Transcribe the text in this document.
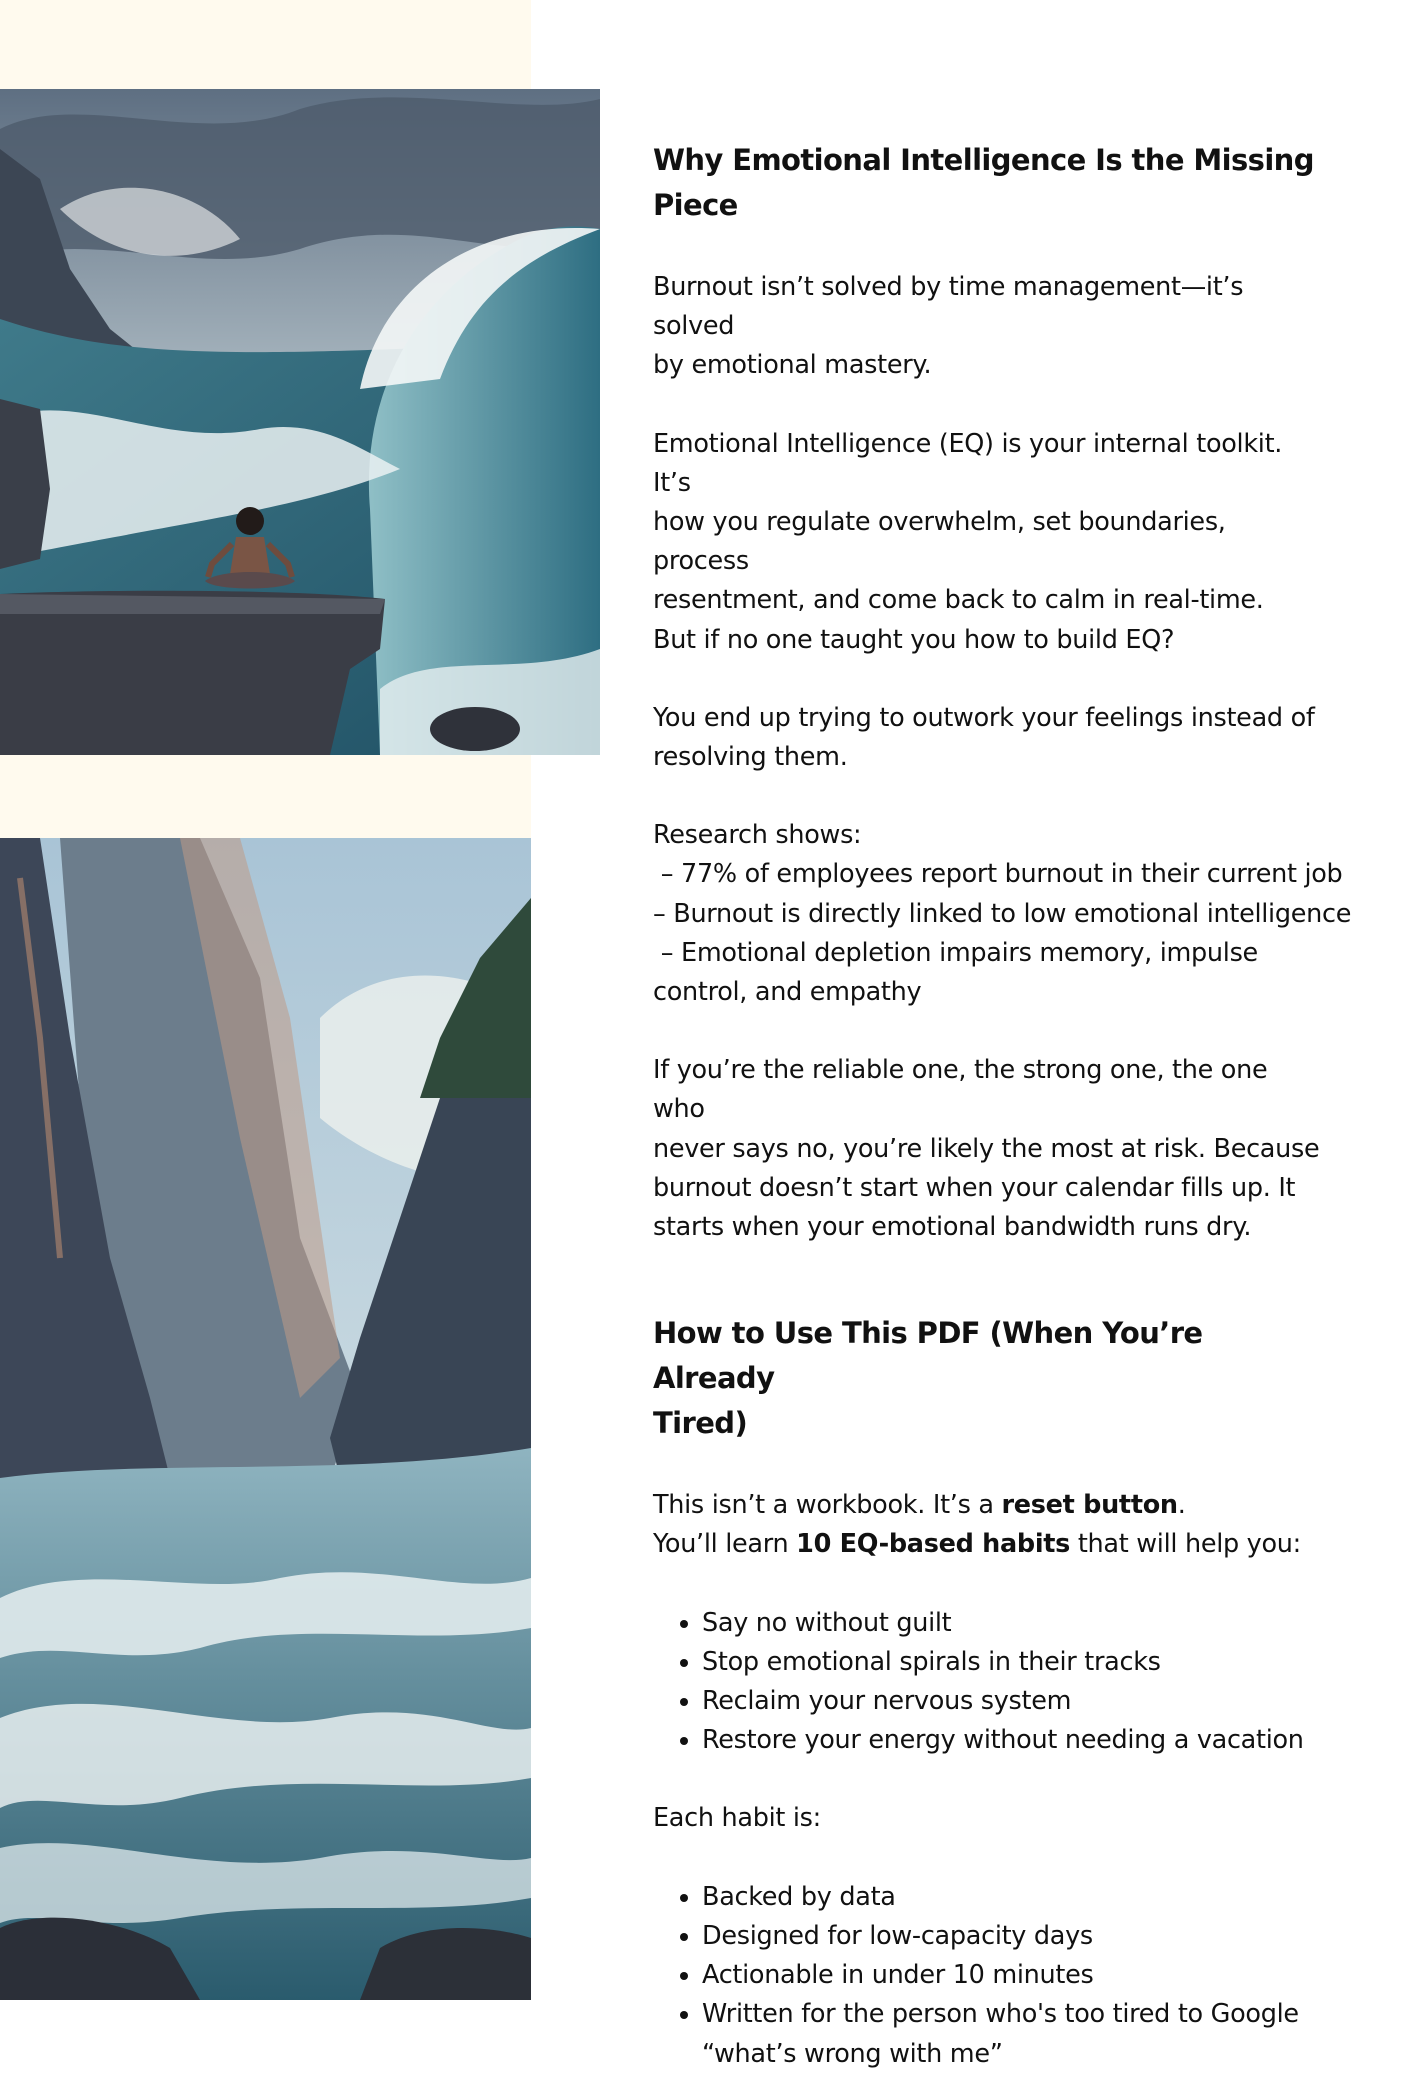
Why Emotional Intelligence Is the Missing Piece

Burnout isn’t solved by time management—it’s solved
by emotional mastery.

Emotional Intelligence (EQ) is your internal toolkit. It’s
how you regulate overwhelm, set boundaries, process
resentment, and come back to calm in real-time.
But if no one taught you how to build EQ?

You end up trying to outwork your feelings instead of
resolving them.

Research shows:
– 77% of employees report burnout in their current job
– Burnout is directly linked to low emotional intelligence
– Emotional depletion impairs memory, impulse
control, and empathy

If you’re the reliable one, the strong one, the one who
never says no, you’re likely the most at risk. Because
burnout doesn’t start when your calendar fills up. It
starts when your emotional bandwidth runs dry.

How to Use This PDF (When You’re Already
Tired)

This isn’t a workbook. It’s a reset button.
You’ll learn 10 EQ-based habits that will help you:

• Say no without guilt
• Stop emotional spirals in their tracks
• Reclaim your nervous system
• Restore your energy without needing a vacation

Each habit is:

• Backed by data
• Designed for low-capacity days
• Actionable in under 10 minutes
• Written for the person who's too tired to Google
“what’s wrong with me”
